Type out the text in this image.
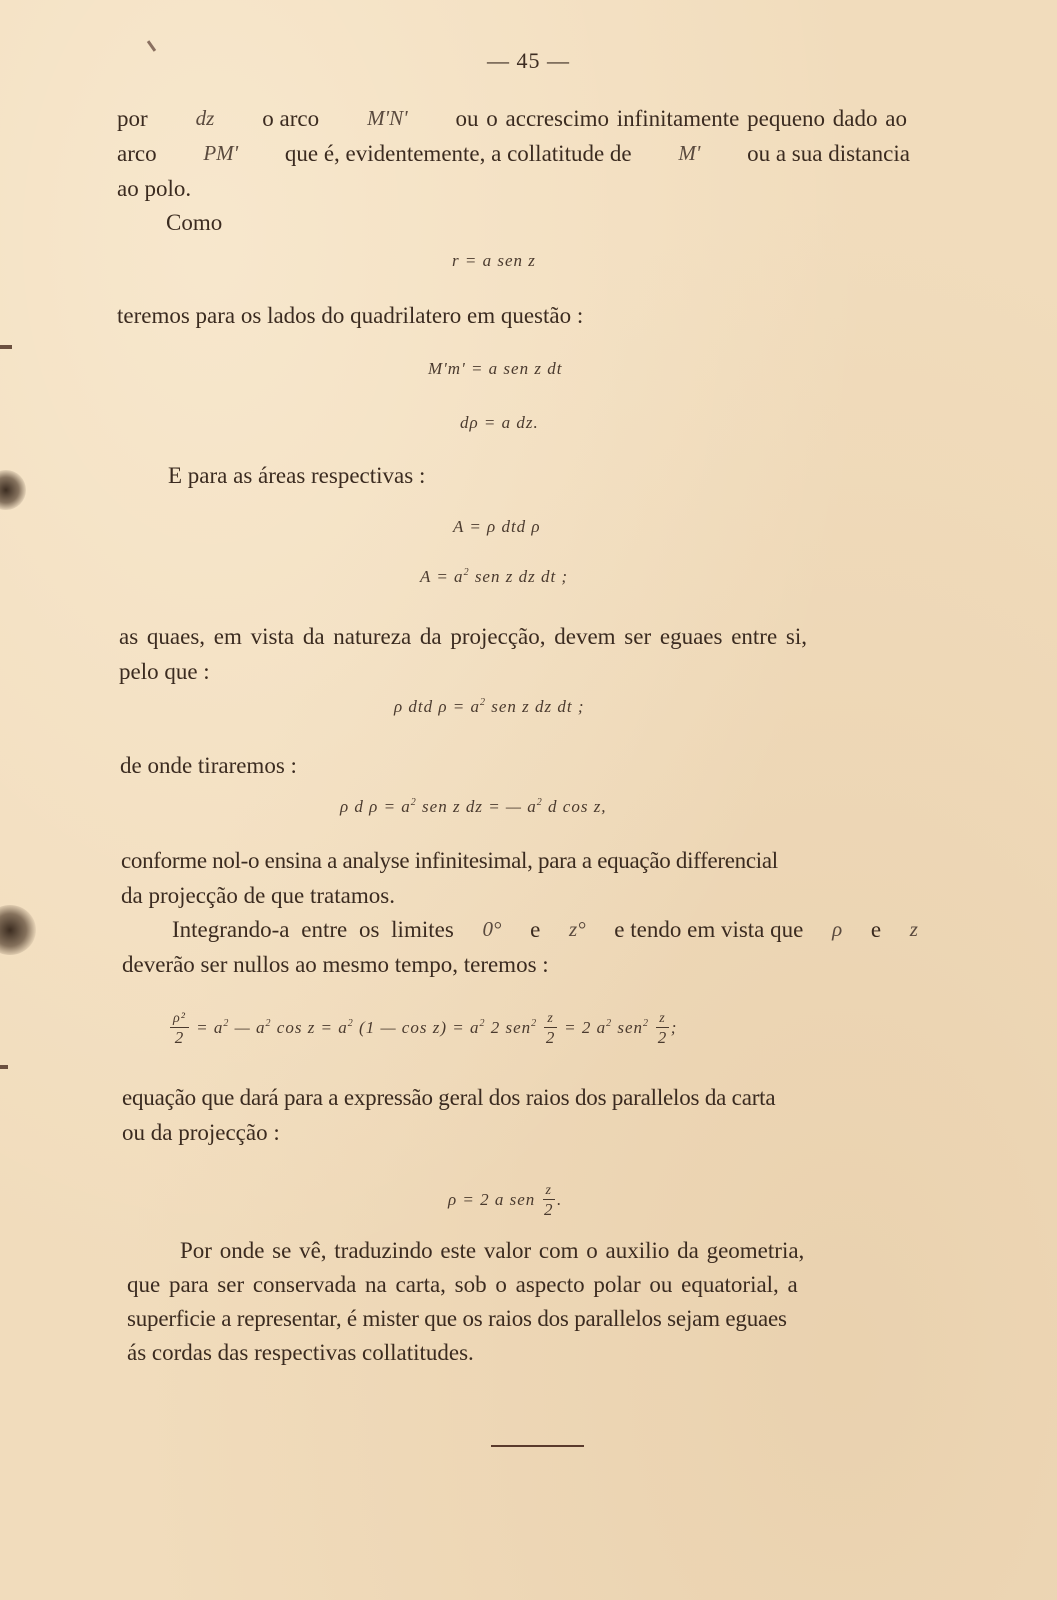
— 45 —
por dz o arco M'N' ou o accrescimo infinitamente pequeno dado ao
arco PM' que é, evidentemente, a collatitude de M' ou a sua distancia
ao polo.
Como
r = a sen z
teremos para os lados do quadrilatero em questão :
M'm' = a sen z dt
dρ = a dz.
E para as áreas respectivas :
A = ρ dtd ρ
$A = a^2$ sen z dz dt ;
as quaes, em vista da natureza da projecção, devem ser eguaes entre si,
pelo que :
ρ dtd $\rho = a^2$ sen z dz dt ;
de onde tiraremos :
ρ d $\rho = a^2$ sen z dz = — $a^2$ d cos z,
conforme nol-o ensina a analyse infinitesimal, para a equação differencial
da projecção de que tratamos.
Integrando-a entre os limites 0° e z° e tendo em vista que ρ e z
deverão ser nullos ao mesmo tempo, teremos :
$\frac{\text{ρ²}}{2} = a^2$ — $a^2$ $\cos z = a^2$ (1 — $\cos z) = a^2$ 2 $sen^2 \frac{z}{2} = 2$ $a^2$ $sen^2 \frac{z}{2}$ ;
equação que dará para a expressão geral dos raios dos parallelos da carta
ou da projecção :
ρ = 2 a sen $\frac{z}{2}$ .
Por onde se vê, traduzindo este valor com o auxilio da geometria,
que para ser conservada na carta, sob o aspecto polar ou equatorial, a
superficie a representar, é mister que os raios dos parallelos sejam eguaes
ás cordas das respectivas collatitudes.
